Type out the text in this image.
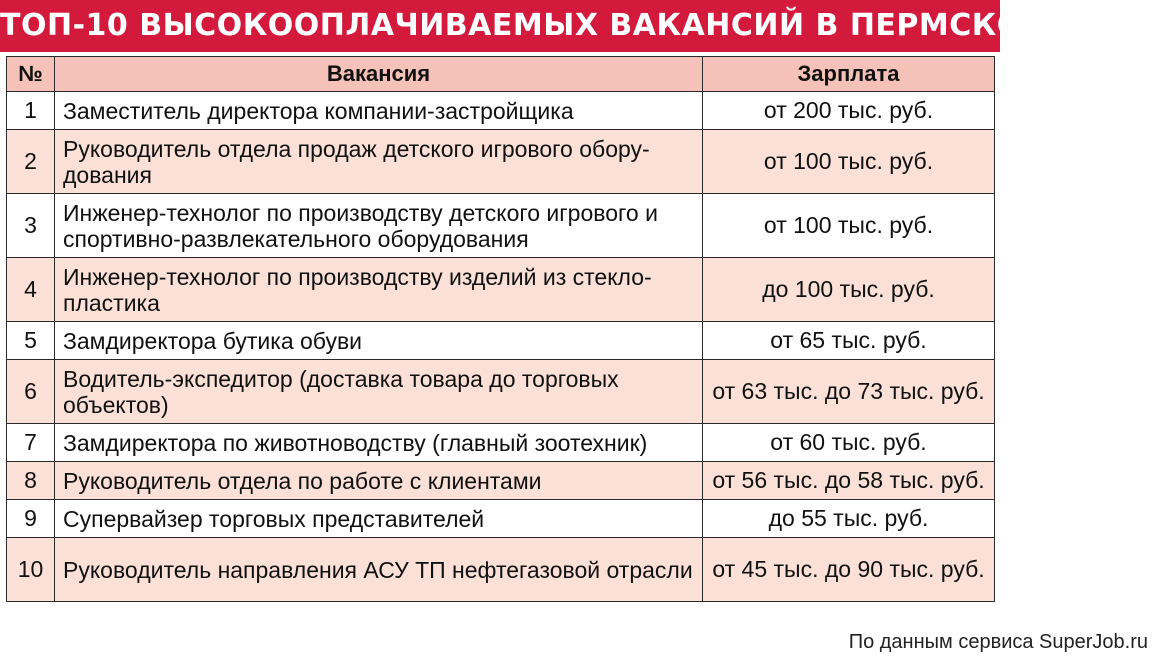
ТОП-10 ВЫСОКООПЛАЧИВАЕМЫХ ВАКАНСИЙ В ПЕРМСКОМ КРАЕ
№	Вакансия	Зарплата
1	Заместитель директора компании-застройщика	от 200 тыс. руб.
2	Руководитель отдела продаж детского игрового обору-дования	от 100 тыс. руб.
3	Инженер-технолог по производству детского игрового и спортивно-развлекательного оборудования	от 100 тыс. руб.
4	Инженер-технолог по производству изделий из стекло-пластика	до 100 тыс. руб.
5	Замдиректора бутика обуви	от 65 тыс. руб.
6	Водитель-экспедитор (доставка товара до торговых объектов)	от 63 тыс. до 73 тыс. руб.
7	Замдиректора по животноводству (главный зоотехник)	от 60 тыс. руб.
8	Руководитель отдела по работе с клиентами	от 56 тыс. до 58 тыс. руб.
9	Супервайзер торговых представителей	до 55 тыс. руб.
10	Руководитель направления АСУ ТП нефтегазовой отрасли	от 45 тыс. до 90 тыс. руб.
По данным сервиса SuperJob.ru
